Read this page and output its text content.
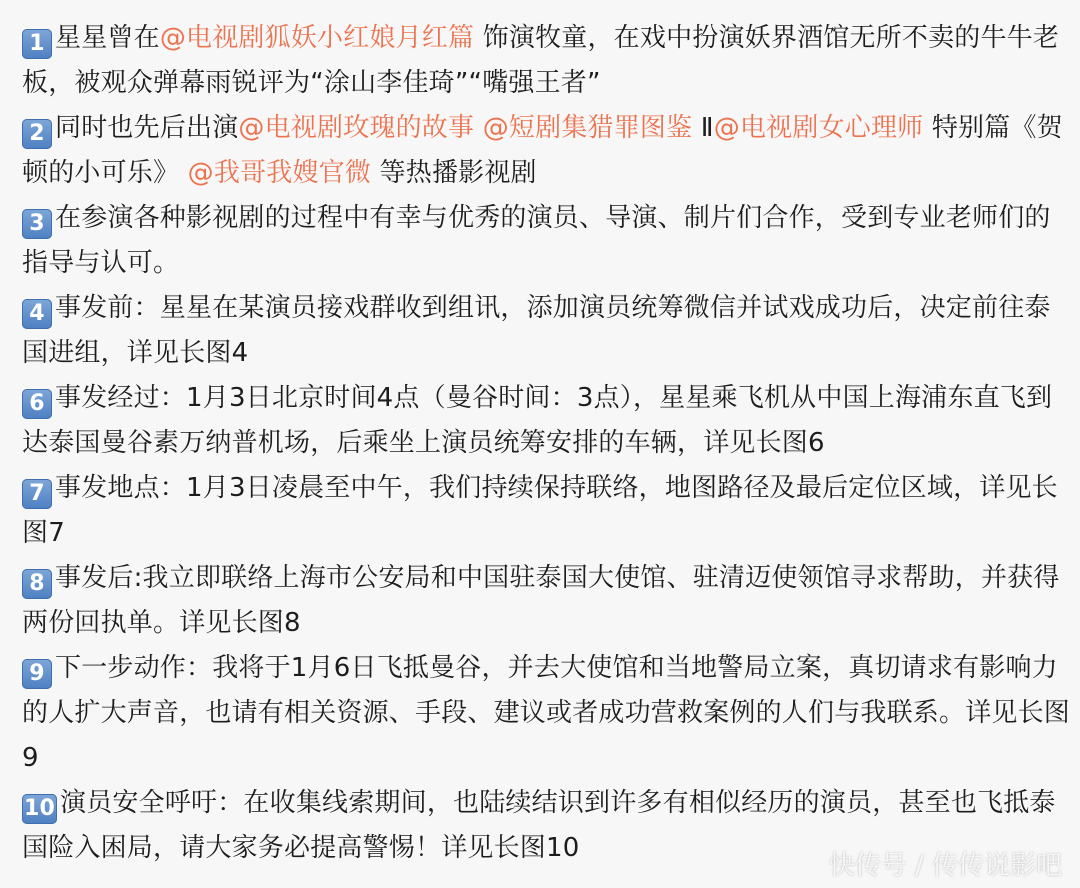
1 星星曾在@电视剧狐妖小红娘月红篇 饰演牧童，在戏中扮演妖界酒馆无所不卖的牛牛老板，被观众弹幕雨锐评为“涂山李佳琦”“嘴强王者”
2 同时也先后出演@电视剧玫瑰的故事 @短剧集猎罪图鉴 Ⅱ@电视剧女心理师 特别篇《贺顿的小可乐》 @我哥我嫂官微 等热播影视剧
3 在参演各种影视剧的过程中有幸与优秀的演员、导演、制片们合作，受到专业老师们的指导与认可。
4 事发前：星星在某演员接戏群收到组讯，添加演员统筹微信并试戏成功后，决定前往泰国进组，详见长图4
6 事发经过：1月3日北京时间4点（曼谷时间：3点），星星乘飞机从中国上海浦东直飞到达泰国曼谷素万纳普机场，后乘坐上演员统筹安排的车辆，详见长图6
7 事发地点：1月3日凌晨至中午，我们持续保持联络，地图路径及最后定位区域，详见长图7
8 事发后:我立即联络上海市公安局和中国驻泰国大使馆、驻清迈使领馆寻求帮助，并获得两份回执单。详见长图8
9 下一步动作：我将于1月6日飞抵曼谷，并去大使馆和当地警局立案，真切请求有影响力的人扩大声音，也请有相关资源、手段、建议或者成功营救案例的人们与我联系。详见长图9
10 演员安全呼吁：在收集线索期间，也陆续结识到许多有相似经历的演员，甚至也飞抵泰国险入困局，请大家务必提高警惕！详见长图10
快传号 / 传传说影吧
